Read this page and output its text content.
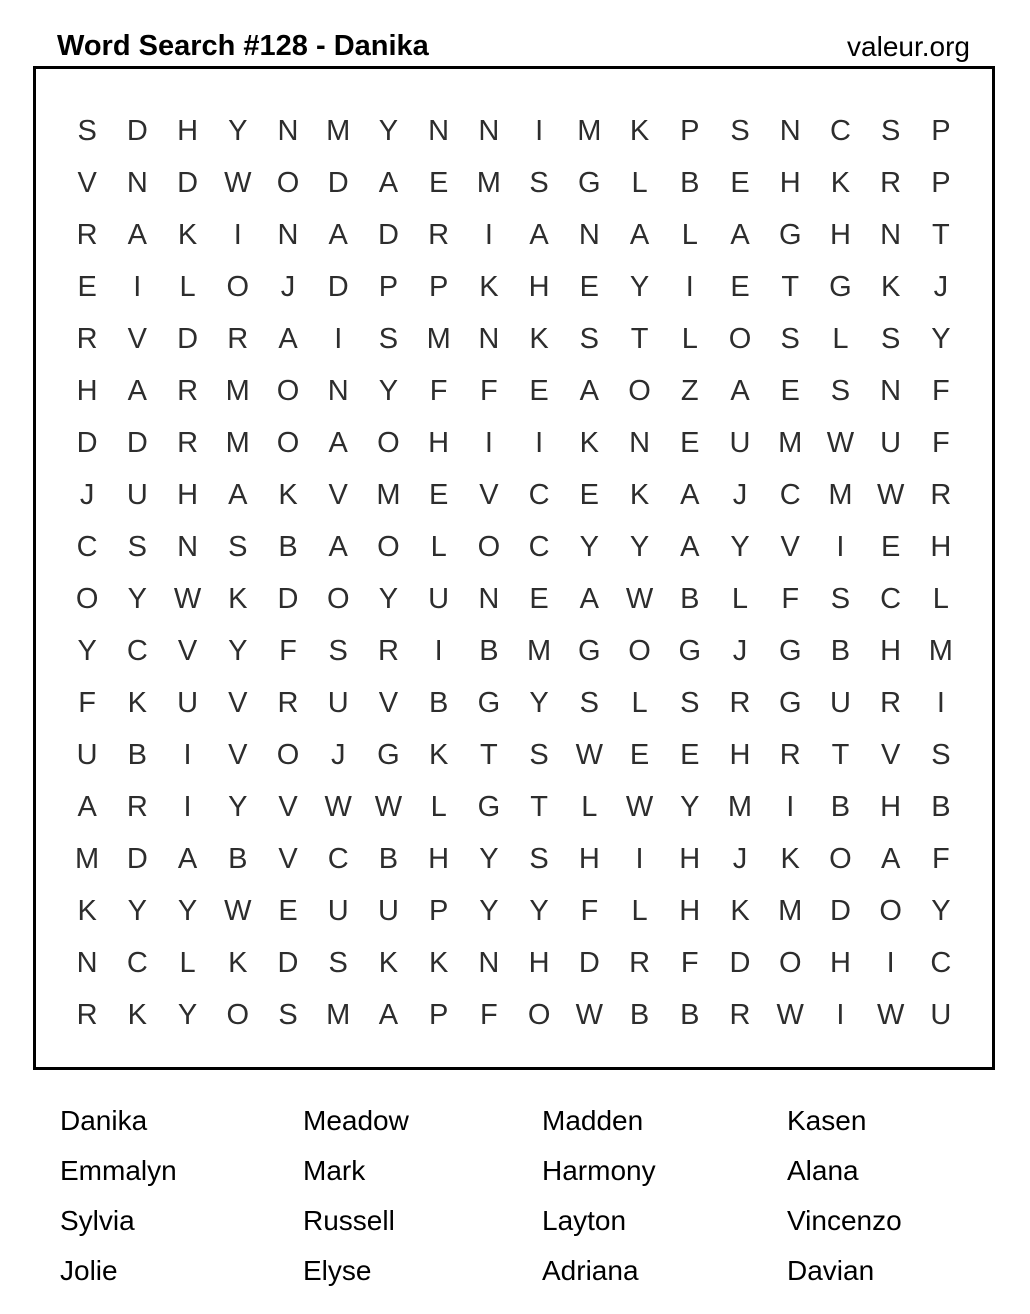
Word Search #128 - Danika	valeur.org
S	D	H	Y	N M Y	N	N	I	M K	P	S	N	C	S	P
V	N	D W O D	A	E M S	G	L	B	E	H	K	R	P
R	A	K	I	N	A	D	R	I	A	N	A	L	A	G H	N	T
E	I	L	O	J	D	P	P	K	H	E	Y	I	E	T	G	K	J
R	V	D	R	A	I	S M N	K	S	T	L	O	S	L	S	Y
H	A	R M O N	Y	F	F	E	A	O	Z	A	E	S	N	F
D	D	R M O	A	O H	I	I	K	N	E	U M W U	F
J	U	H	A	K	V M E	V	C	E	K	A	J	C M W R
C	S	N	S	B	A	O	L	O C	Y	Y	A	Y	V	I	E	H
O	Y W K	D O	Y	U	N	E	A W B	L	F	S	C	L
Y	C	V	Y	F	S	R	I	B M G O G	J	G	B	H M
F	K	U	V	R	U	V	B	G	Y	S	L	S	R G U	R	I
U	B	I	V	O	J	G	K	T	S W E	E	H	R	T	V	S
A	R	I	Y	V W W L	G	T	L W Y M	I	B	H	B
M D	A	B	V	C	B	H	Y	S	H	I	H	J	K	O	A	F
K	Y	Y W E	U	U	P	Y	Y	F	L	H	K M D O	Y
N	C	L	K	D	S	K	K	N	H	D	R	F	D O H	I	C
R	K	Y	O	S M A	P	F	O W B	B	R W	I	W U
Danika	Meadow	Madden	Kasen
Emmalyn	Mark	Harmony	Alana
Sylvia	Russell	Layton	Vincenzo
Jolie	Elyse	Adriana	Davian
